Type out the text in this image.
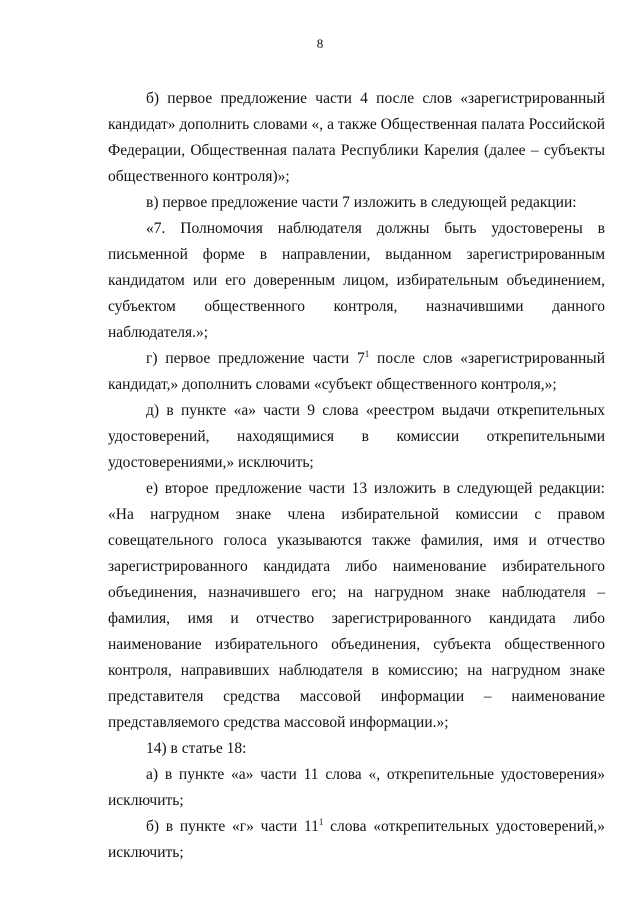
8

б) первое предложение части 4 после слов «зарегистрированный кандидат» дополнить словами «, а также Общественная палата Российской Федерации, Общественная палата Республики Карелия (далее – субъекты общественного контроля)»;

в) первое предложение части 7 изложить в следующей редакции:

«7. Полномочия наблюдателя должны быть удостоверены в письменной форме в направлении, выданном зарегистрированным кандидатом или его доверенным лицом, избирательным объединением, субъектом общественного контроля, назначившими данного наблюдателя.»;

г) первое предложение части $7^1$ после слов «зарегистрированный кандидат,» дополнить словами «субъект общественного контроля,»;

д) в пункте «а» части 9 слова «реестром выдачи открепительных удостоверений, находящимися в комиссии открепительными удостоверениями,» исключить;

е) второе предложение части 13 изложить в следующей редакции: «На нагрудном знаке члена избирательной комиссии с правом совещательного голоса указываются также фамилия, имя и отчество зарегистрированного кандидата либо наименование избирательного объединения, назначившего его; на нагрудном знаке наблюдателя – фамилия, имя и отчество зарегистрированного кандидата либо наименование избирательного объединения, субъекта общественного контроля, направивших наблюдателя в комиссию; на нагрудном знаке представителя средства массовой информации – наименование представляемого средства массовой информации.»;

14) в статье 18:

а) в пункте «а» части 11 слова «, открепительные удостоверения» исключить;

б) в пункте «г» части $11^1$ слова «открепительных удостоверений,» исключить;
